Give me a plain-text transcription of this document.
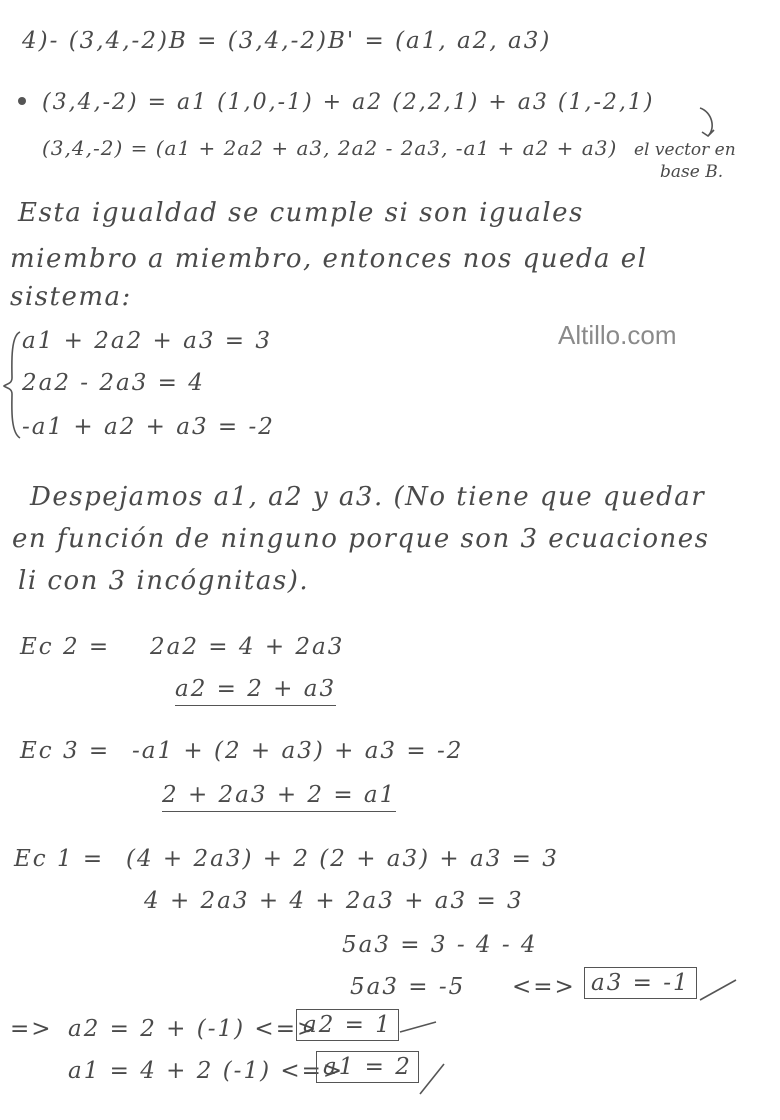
4)- (3,4,-2)B = (3,4,-2)B' = (a1, a2, a3)
(3,4,-2) = a1 (1,0,-1) + a2 (2,2,1) + a3 (1,-2,1)
(3,4,-2) = (a1 + 2a2 + a3, 2a2 - 2a3, -a1 + a2 + a3) el vector en
base B.
Esta igualdad se cumple si son iguales
miembro a miembro, entonces nos queda el
sistema:
a1 + 2a2 + a3 = 3
2a2 - 2a3 = 4
-a1 + a2 + a3 = -2
Altillo.com
Despejamos a1, a2 y a3. (No tiene que quedar
en función de ninguno porque son 3 ecuaciones
li con 3 incógnitas).
Ec 2 = 2a2 = 4 + 2a3
a2 = 2 + a3
Ec 3 = -a1 + (2 + a3) + a3 = -2
2 + 2a3 + 2 = a1
Ec 1 = (4 + 2a3) + 2 (2 + a3) + a3 = 3
4 + 2a3 + 4 + 2a3 + a3 = 3
5a3 = 3 - 4 - 4
5a3 = -5 <=> a3 = -1
=> a2 = 2 + (-1) <=>
a2 = 1
a1 = 4 + 2 (-1) <=>
a1 = 2
